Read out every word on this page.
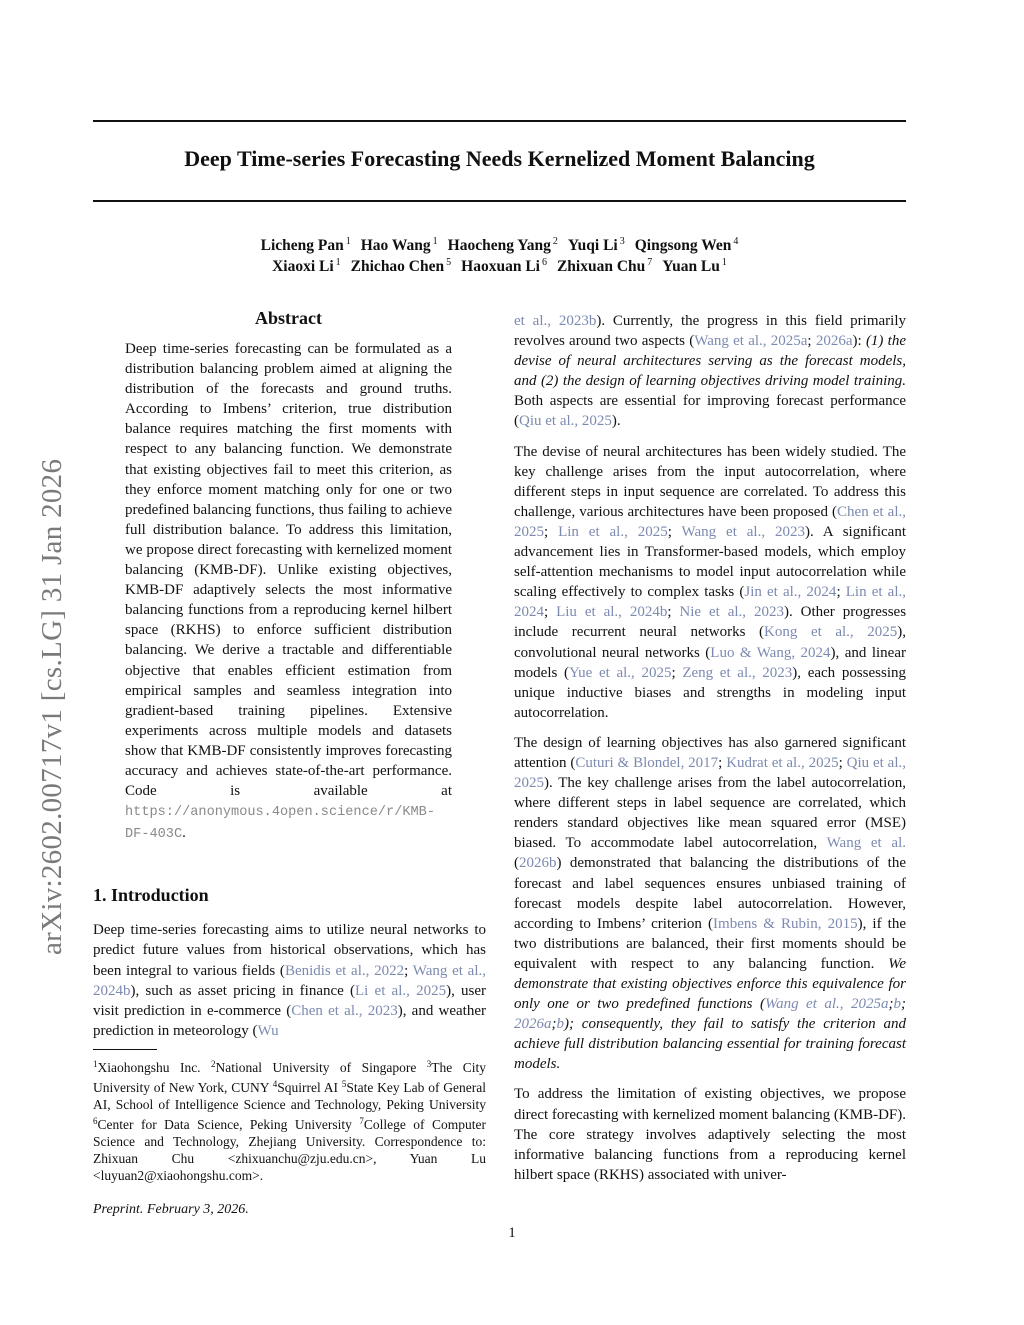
Deep Time-series Forecasting Needs Kernelized Moment Balancing
Licheng Pan $^1$ Hao Wang $^1$ Haocheng Yang $^2$ Yuqi Li $^3$ Qingsong Wen $^4$
Xiaoxi Li $^1$ Zhichao Chen $^5$ Haoxuan Li $^6$ Zhixuan Chu $^7$ Yuan Lu $^1$
arXiv:2602.00717v1 [cs.LG] 31 Jan 2026
Abstract

Deep time-series forecasting can be formulated as a distribution balancing problem aimed at aligning the distribution of the forecasts and ground truths. According to Imbens’ criterion, true distribution balance requires matching the first moments with respect to any balancing function. We demonstrate that existing objectives fail to meet this criterion, as they enforce moment matching only for one or two predefined balancing functions, thus failing to achieve full distribution balance. To address this limitation, we propose direct forecasting with kernelized moment balancing (KMB-DF). Unlike existing objectives, KMB-DF adaptively selects the most informative balancing functions from a reproducing kernel hilbert space (RKHS) to enforce sufficient distribution balancing. We derive a tractable and differentiable objective that enables efficient estimation from empirical samples and seamless integration into gradient-based training pipelines. Extensive experiments across multiple models and datasets show that KMB-DF consistently improves forecasting accuracy and achieves state-of-the-art performance. Code is available at https://anonymous.4open.science/r/KMB-DF-403C.

1. Introduction

Deep time-series forecasting aims to utilize neural networks to predict future values from historical observations, which has been integral to various fields (Benidis et al., 2022; Wang et al., 2024b), such as asset pricing in finance (Li et al., 2025), user visit prediction in e-commerce (Chen et al., 2023), and weather prediction in meteorology (Wu

$^1$Xiaohongshu Inc. $^2$National University of Singapore $^3$The City University of New York, CUNY $^4$Squirrel AI $^5$State Key Lab of General AI, School of Intelligence Science and Technology, Peking University $^6$Center for Data Science, Peking University $^7$College of Computer Science and Technology, Zhejiang University. Correspondence to: Zhixuan Chu <zhixuanchu@zju.edu.cn>, Yuan Lu <luyuan2@xiaohongshu.com>.
Preprint. February 3, 2026.

et al., 2023b). Currently, the progress in this field primarily revolves around two aspects (Wang et al., 2025a; 2026a): (1) the devise of neural architectures serving as the forecast models, and (2) the design of learning objectives driving model training. Both aspects are essential for improving forecast performance (Qiu et al., 2025).

The devise of neural architectures has been widely studied. The key challenge arises from the input autocorrelation, where different steps in input sequence are correlated. To address this challenge, various architectures have been proposed (Chen et al., 2025; Lin et al., 2025; Wang et al., 2023). A significant advancement lies in Transformer-based models, which employ self-attention mechanisms to model input autocorrelation while scaling effectively to complex tasks (Jin et al., 2024; Lin et al., 2024; Liu et al., 2024b; Nie et al., 2023). Other progresses include recurrent neural networks (Kong et al., 2025), convolutional neural networks (Luo & Wang, 2024), and linear models (Yue et al., 2025; Zeng et al., 2023), each possessing unique inductive biases and strengths in modeling input autocorrelation.

The design of learning objectives has also garnered significant attention (Cuturi & Blondel, 2017; Kudrat et al., 2025; Qiu et al., 2025). The key challenge arises from the label autocorrelation, where different steps in label sequence are correlated, which renders standard objectives like mean squared error (MSE) biased. To accommodate label autocorrelation, Wang et al. (2026b) demonstrated that balancing the distributions of the forecast and label sequences ensures unbiased training of forecast models despite label autocorrelation. However, according to Imbens’ criterion (Imbens & Rubin, 2015), if the two distributions are balanced, their first moments should be equivalent with respect to any balancing function. We demonstrate that existing objectives enforce this equivalence for only one or two predefined functions (Wang et al., 2025a;b; 2026a;b); consequently, they fail to satisfy the criterion and achieve full distribution balancing essential for training forecast models.

To address the limitation of existing objectives, we propose direct forecasting with kernelized moment balancing (KMB-DF). The core strategy involves adaptively selecting the most informative balancing functions from a reproducing kernel hilbert space (RKHS) associated with univer-

1
